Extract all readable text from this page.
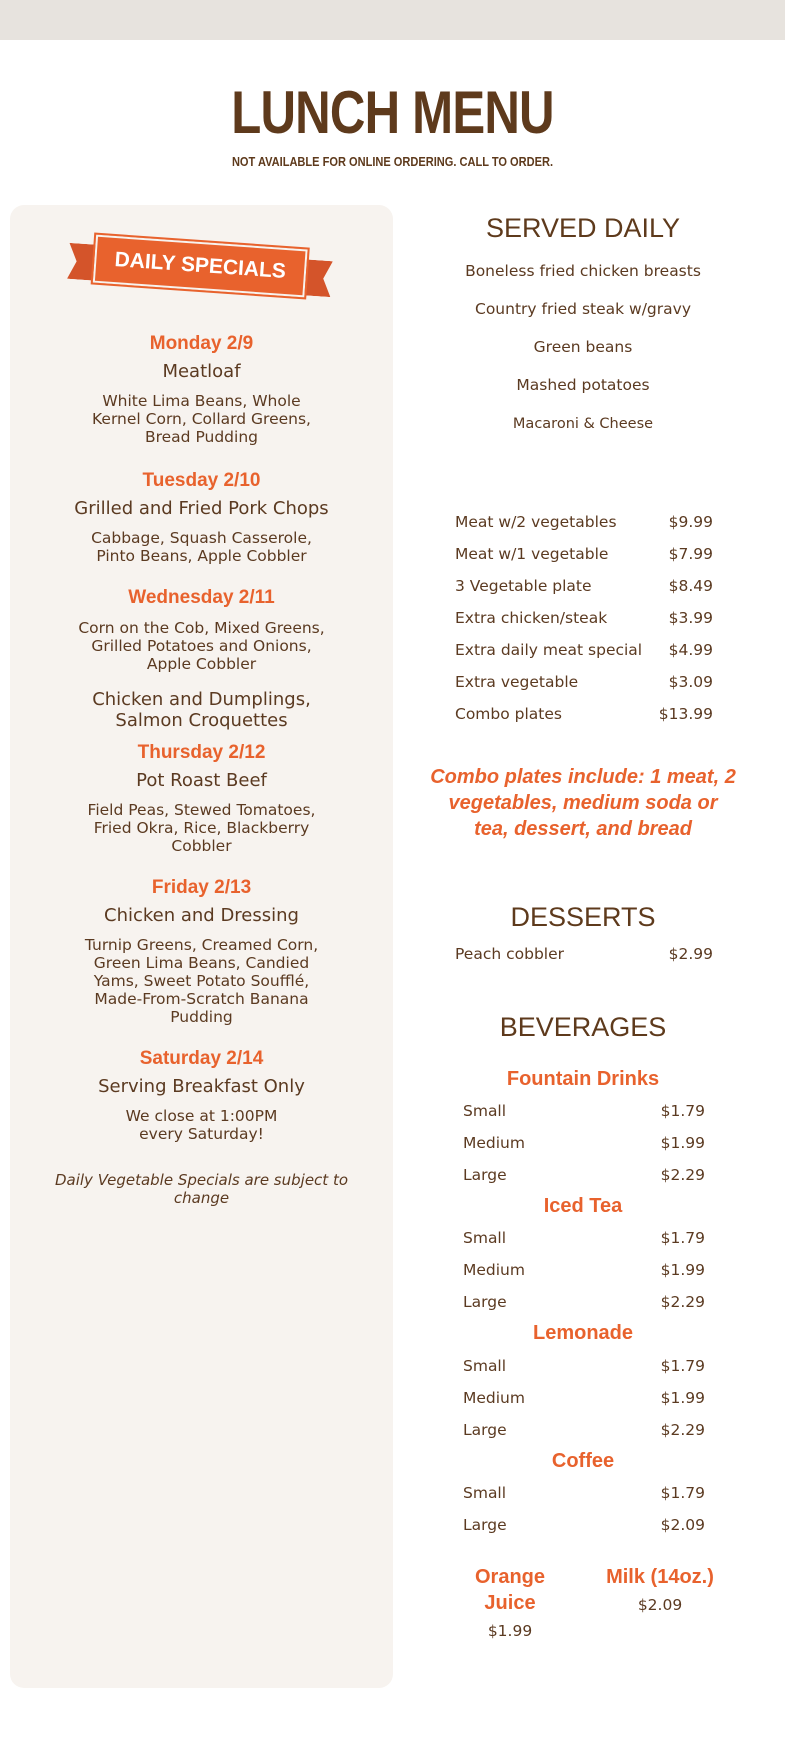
LUNCH MENU
NOT AVAILABLE FOR ONLINE ORDERING. CALL TO ORDER.
DAILY SPECIALS
Monday 2/9
Meatloaf
White Lima Beans, Whole Kernel Corn, Collard Greens, Bread Pudding
Tuesday 2/10
Grilled and Fried Pork Chops
Cabbage, Squash Casserole, Pinto Beans, Apple Cobbler
Wednesday 2/11
Corn on the Cob, Mixed Greens, Grilled Potatoes and Onions, Apple Cobbler
Chicken and Dumplings, Salmon Croquettes
Thursday 2/12
Pot Roast Beef
Field Peas, Stewed Tomatoes, Fried Okra, Rice, Blackberry Cobbler
Friday 2/13
Chicken and Dressing
Turnip Greens, Creamed Corn, Green Lima Beans, Candied Yams, Sweet Potato Soufflé, Made-From-Scratch Banana Pudding
Saturday 2/14
Serving Breakfast Only
We close at 1:00PM every Saturday!
Daily Vegetable Specials are subject to change
SERVED DAILY
Boneless fried chicken breasts
Country fried steak w/gravy
Green beans
Mashed potatoes
Macaroni & Cheese
Meat w/2 vegetables	$9.99
Meat w/1 vegetable	$7.99
3 Vegetable plate	$8.49
Extra chicken/steak	$3.99
Extra daily meat special $4.99
Extra vegetable	$3.09
Combo plates	$13.99
Combo plates include: 1 meat, 2 vegetables, medium soda or tea, dessert, and bread
DESSERTS
Peach cobbler	$2.99
BEVERAGES
Fountain Drinks
Small	$1.79
Medium	$1.99
Large	$2.29
Iced Tea
Small	$1.79
Medium	$1.99
Large	$2.29
Lemonade
Small	$1.79
Medium	$1.99
Large	$2.29
Coffee
Small	$1.79
Large	$2.09
Orange Juice
$1.99
Milk (14oz.)
$2.09
